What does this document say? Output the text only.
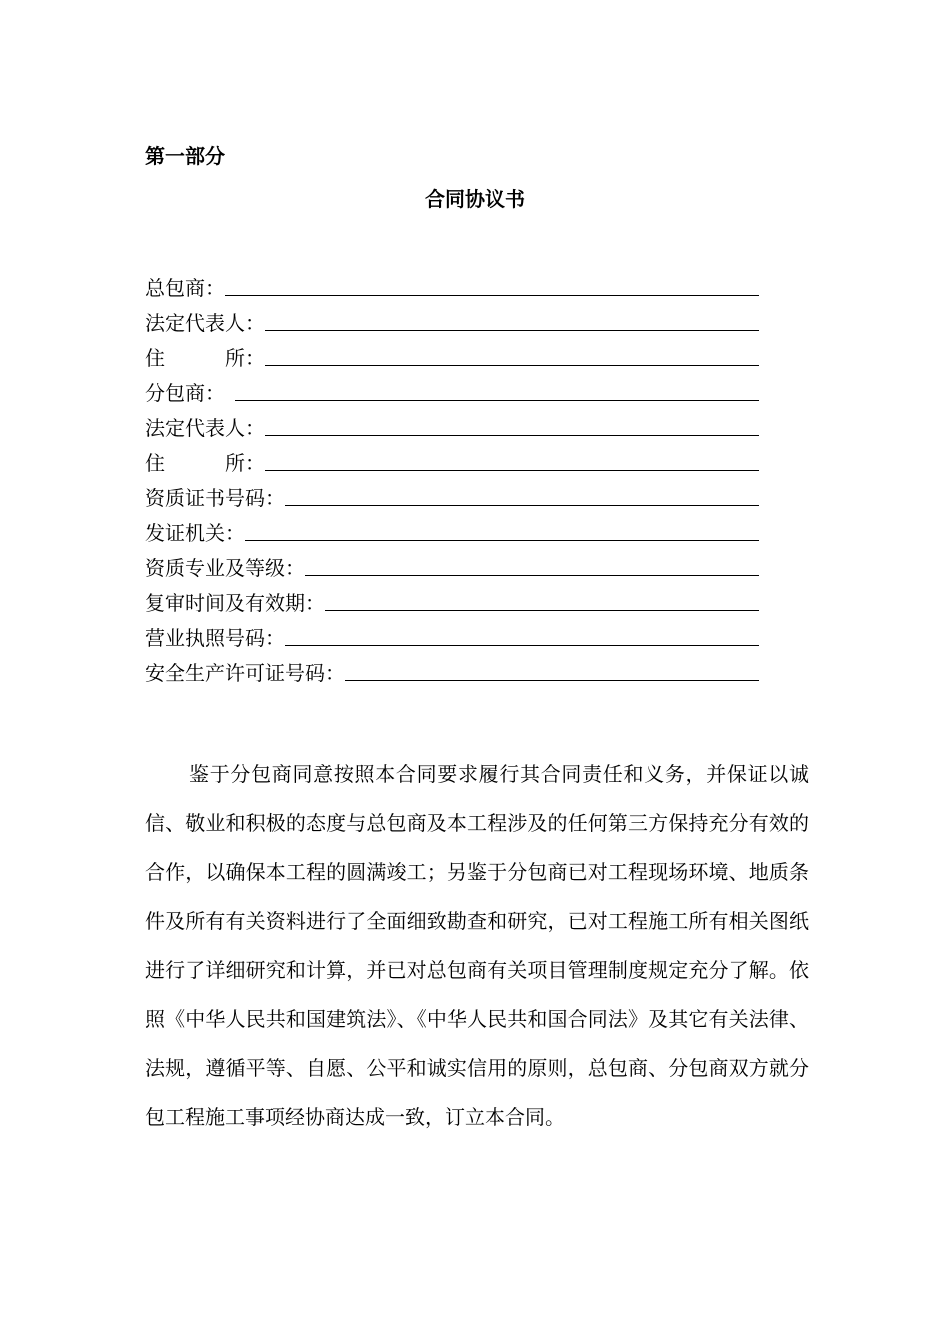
第一部分
合同协议书
总包商：
法定代表人：
住　　　所：
分包商：　
法定代表人：
住　　　所：
资质证书号码：
发证机关：
资质专业及等级：
复审时间及有效期：
营业执照号码：
安全生产许可证号码：

鉴于分包商同意按照本合同要求履行其合同责任和义务，并保证以诚信、敬业和积极的态度与总包商及本工程涉及的任何第三方保持充分有效的合作，以确保本工程的圆满竣工；另鉴于分包商已对工程现场环境、地质条件及所有有关资料进行了全面细致勘查和研究，已对工程施工所有相关图纸进行了详细研究和计算，并已对总包商有关项目管理制度规定充分了解。依照《中华人民共和国建筑法》、《中华人民共和国合同法》及其它有关法律、法规，遵循平等、自愿、公平和诚实信用的原则，总包商、分包商双方就分包工程施工事项经协商达成一致，订立本合同。
